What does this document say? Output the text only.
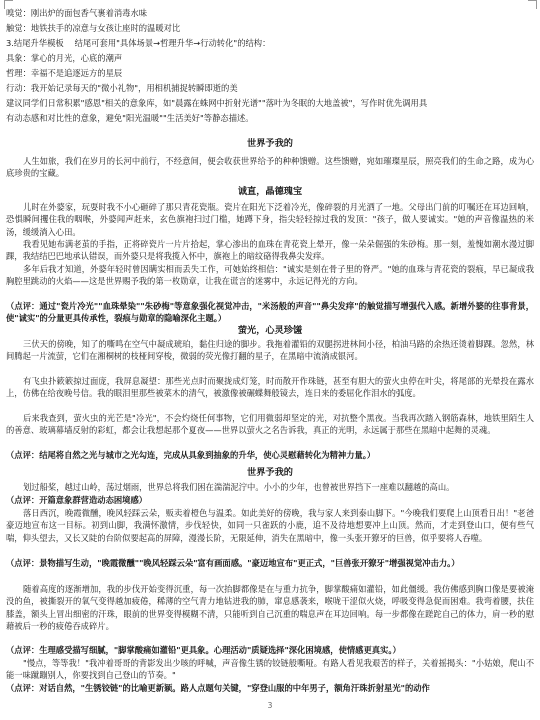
嗅觉：刚出炉的面包香气裹着消毒水味
触觉：地铁扶手的凉意与女孩让座时的温暖对比
3.结尾升华模板　 结尾可套用"具体场景→哲理升华→行动转化"的结构：
具象：掌心的月光，心底的潮声
哲理：幸福不是追逐远方的星辰
行动：我开始记录每天的"微小礼物"，用相机捕捉转瞬即逝的美
建议同学们日常积累"感恩"相关的意象库，如"晨露在蛛网中折射光谱""落叶为冬眠的大地盖被"，写作时优先调用具
有动态感和对比性的意象，避免"阳光温暖""生活美好"等静态描述。
世界予我的
人生如旅，我们在岁月的长河中前行，不经意间，便会收获世界给予的种种馈赠。这些馈赠，宛如璀璨星辰，照亮我们的生命之路，成为心底珍贵的宝藏。
诚直，晶德瑰宝
儿时在外婆家，玩耍时我不小心砸碎了那只青花瓷瓶。瓷片在阳光下泛着冷光，像碎裂的月光洒了一地。父母出门前的叮嘱还在耳边回响，恐惧瞬间攫住我的咽喉，外婆闻声赶来，玄色旗袍扫过门槛，她蹲下身，指尖轻轻掠过我的发顶："孩子，做人要诚实。"她的声音像温热的米汤，缓缓淌入心田。
我看见她布满老茧的手指，正将碎瓷片一片片拾起，掌心渗出的血珠在青花瓷上晕开，像一朵朵倔强的朱砂梅。那一刻，羞愧如潮水漫过脚踝，我结结巴巴地承认错误，而外婆只是将我揽入怀中，旗袍上的暗纹硌得我鼻尖发痒。
多年后我才知道，外婆年轻时曾因瞒实相而丢失工作，可她始终相信："诚实是刻在骨子里的脊严。"她的血珠与青花瓷的裂痕，早已凝成我胸腔里跳动的火焰——这是世界赐予我的第一枚勋章，让我在谎言的迷雾中，永远记得光的方向。
（点评：通过"瓷片冷光""血珠晕染""朱砂梅"等意象强化视觉冲击，"米汤般的声音""鼻尖发痒"的触觉描写增强代入感。新增外婆的往事背景，使"诚实"的分量更具传承性，裂痕与勋章的隐喻深化主题。）
萤光，心灵珍馐
三伏天的傍晚，知了的嘶鸣在空气中凝成琥珀，黏住归途的脚步。我拖着灌铅的双腿拐进林间小径，柏油马路的余热还烫着脚踝。忽然，林间腾起一片流萤，它们在湘桐树的枝桠间穿梭，微弱的荧光像打翻的星子，在黑暗中流淌成银河。
有飞虫扑簌簌掠过面庞，我屏息凝望：那些光点时而聚拢成灯笼，时而散开作珠链，甚至有胆大的萤火虫停在叶尖，将尾部的光晕投在露水上，仿佛在给夜晚号信。我的眼泪里那些被菜木的清气，被激像被碾蝶舞般镜去，连日来的委屈化作泪水的弧度。
后来我查到，萤火虫的光芒是"冷光"，不会灼烧任何事物，它们用微弱却坚定的光，对抗整个黑夜。当我再次踏入钢筋森林，地铁里陌生人的善意、玻璃幕墙反射的彩虹，都会让我想起那个夏夜——世界以萤火之名告诉我，真正的光明，永远属于那些在黑暗中起舞的灵魂。
（点评：结尾将自然之光与城市之光勾连，完成从具象到抽象的升华，使心灵慰藉转化为精神力量。）
世界予我的
划过船桨，越过山岭，荡过烟雨，世界总将我们困在湍湍泥泞中。小小的少年，也曾被世界挡下一座难以翻越的高山。
（点评：开篇意象群营造动态困境感）
落日西沉，晚霞微醺，晚风轻踩云朵，贩卖着橙色与温柔。如此美好的傍晚，我与家人来到泰山脚下。"今晚我们要爬上山顶看日出！"老爸豪迈地宣布这一目标。初到山脚，我满怀激情，步伐轻快，如同一只雀跃的小鹿，追不及待地想要冲上山顶。然而，才走到登山口，便有些气喘，仰头望去，又长又陡的台阶似要起高的屏障，漫漫长阶，无限延伸，消失在黑暗中，像一头张开獠牙的巨兽，似乎要将人吞噬。
（点评：景物描写生动，"晚霞微醺""晚风轻踩云朵"富有画面感。"豪迈地宣布"更正式，"巨兽张开獠牙"增强视觉冲击力。）
随着高度的逐渐增加，我的步伐开始变得沉重，每一次抬脚都像是在与重力抗争，脚掌酸痛如灌铅，如此僵缓。我仿佛感到胸口像是要被淹没的鱼，被撕裂开的氧气变得越加疲倦，稀薄的空气青力地钻进我的肺，窜息感袭来，喉咙干涩似火烧，呼吸变得急促而困难。我弯着腰，扶住膝盖，额头上冒出细密的汗珠，眼前的世界变得模糊不清，只能听到自己沉重的喘息声在耳边回响。每一步都像在蹉跎自己的体力，肩一秒的慰藉被后一秒的疲倦吞成碎片。
（点评：生理感受描写细腻，"脚掌酸痛如灌铅"更具象。心理活动"质疑选择"深化困境感，使情感更真实。）
"慢点，等等我！"我冲着哥哥的背影发出少咳的呼喊，声音像生锈的铰链般嘶哑。有路人看见我艰苦的样子，关着摇揭头："小姑娘，爬山不能一味蹴蹦别人，你要找到自己登山的节奏。"
（点评：对话自然，"生锈铰链"的比喻更新颖。路人点题句关键，"穿登山服的中年男子，额角汗珠折射星光"的动作
3
